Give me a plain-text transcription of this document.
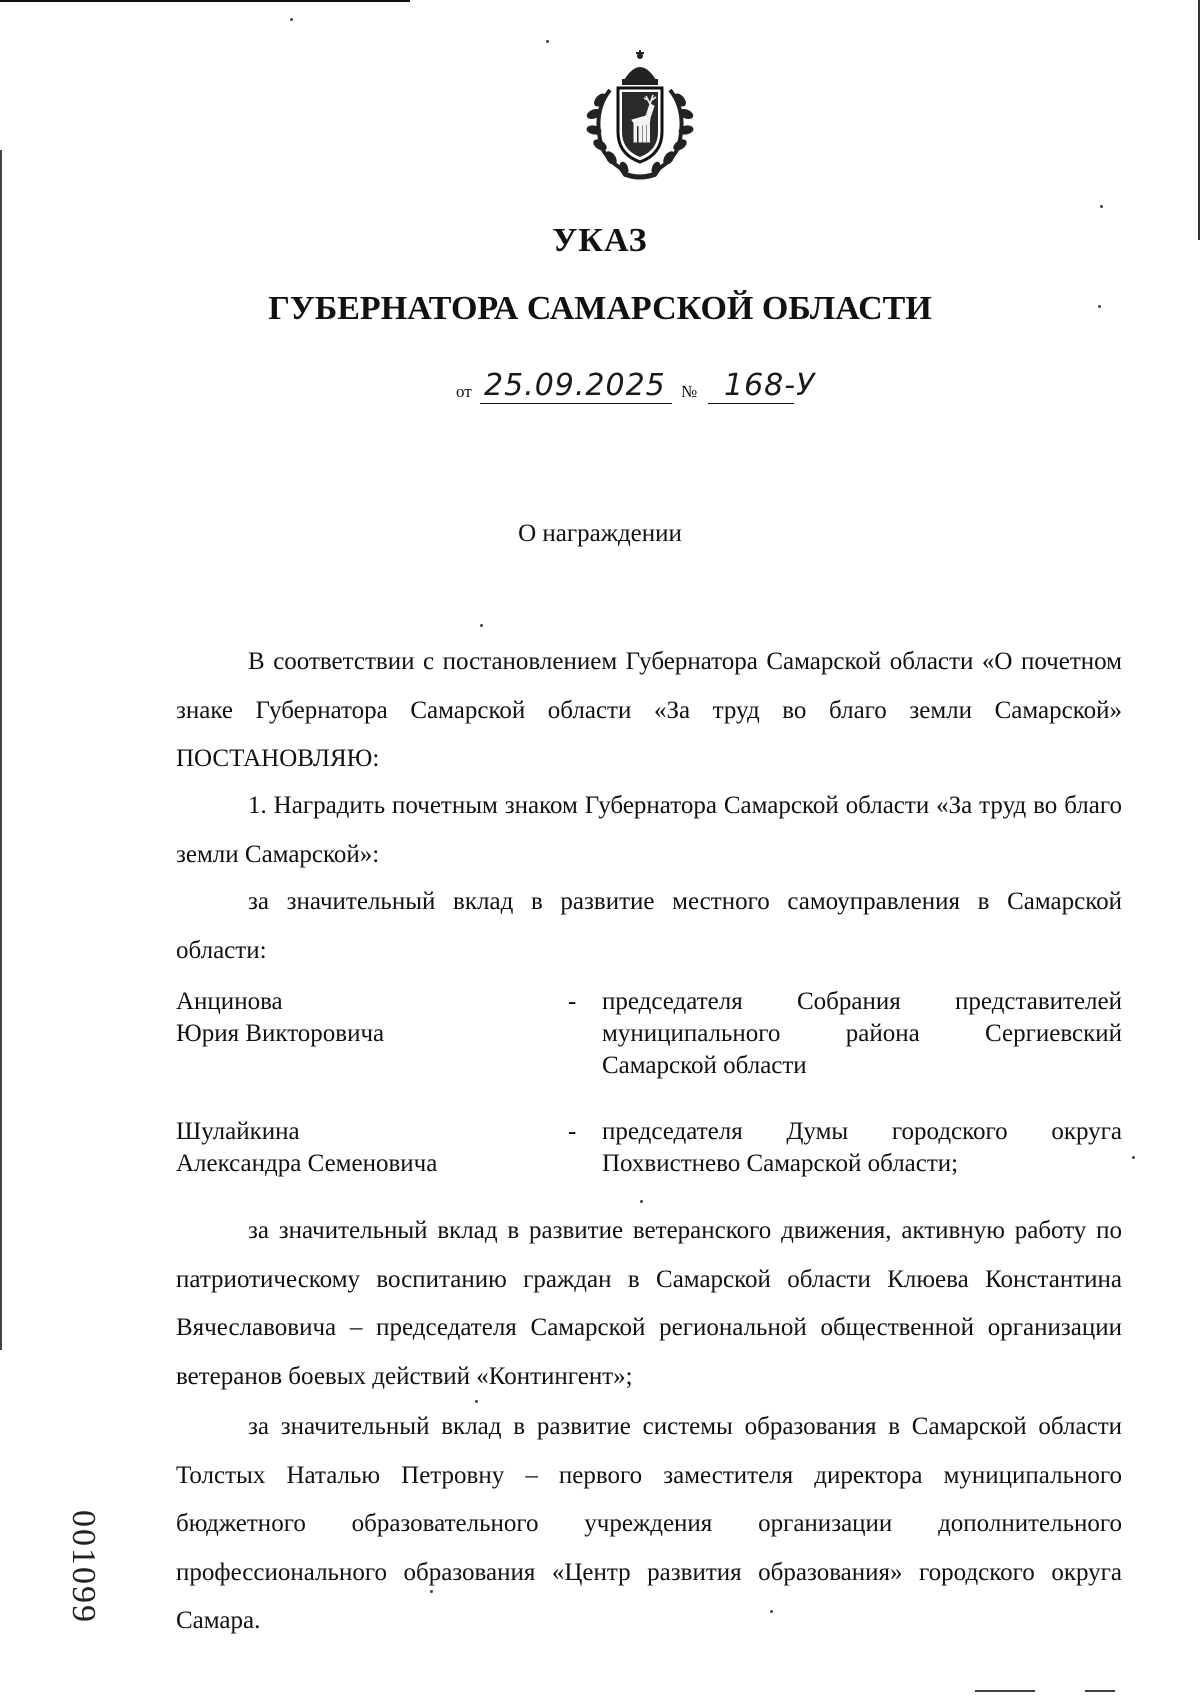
УКАЗ
ГУБЕРНАТОРА САМАРСКОЙ ОБЛАСТИ
от 25.09.2025 № 168-У
О награждении

В соответствии с постановлением Губернатора Самарской области «О почетном знаке Губернатора Самарской области «За труд во благо земли Самарской» ПОСТАНОВЛЯЮ:

1. Наградить почетным знаком Губернатора Самарской области «За труд во благо земли Самарской»:

за значительный вклад в развитие местного самоуправления в Самарской области:

Анцинова
Юрия Викторовича
- председателя Собрания представителей муниципального района Сергиевский Самарской области
Шулайкина
Александра Семеновича
- председателя Думы городского округа Похвистнево Самарской области;

за значительный вклад в развитие ветеранского движения, активную работу по патриотическому воспитанию граждан в Самарской области Клюева Константина Вячеславовича – председателя Самарской региональной общественной организации ветеранов боевых действий «Контингент»;

за значительный вклад в развитие системы образования в Самарской области Толстых Наталью Петровну – первого заместителя директора муниципального бюджетного образовательного учреждения организации дополнительного профессионального образования «Центр развития образования» городского округа Самара.

001099
